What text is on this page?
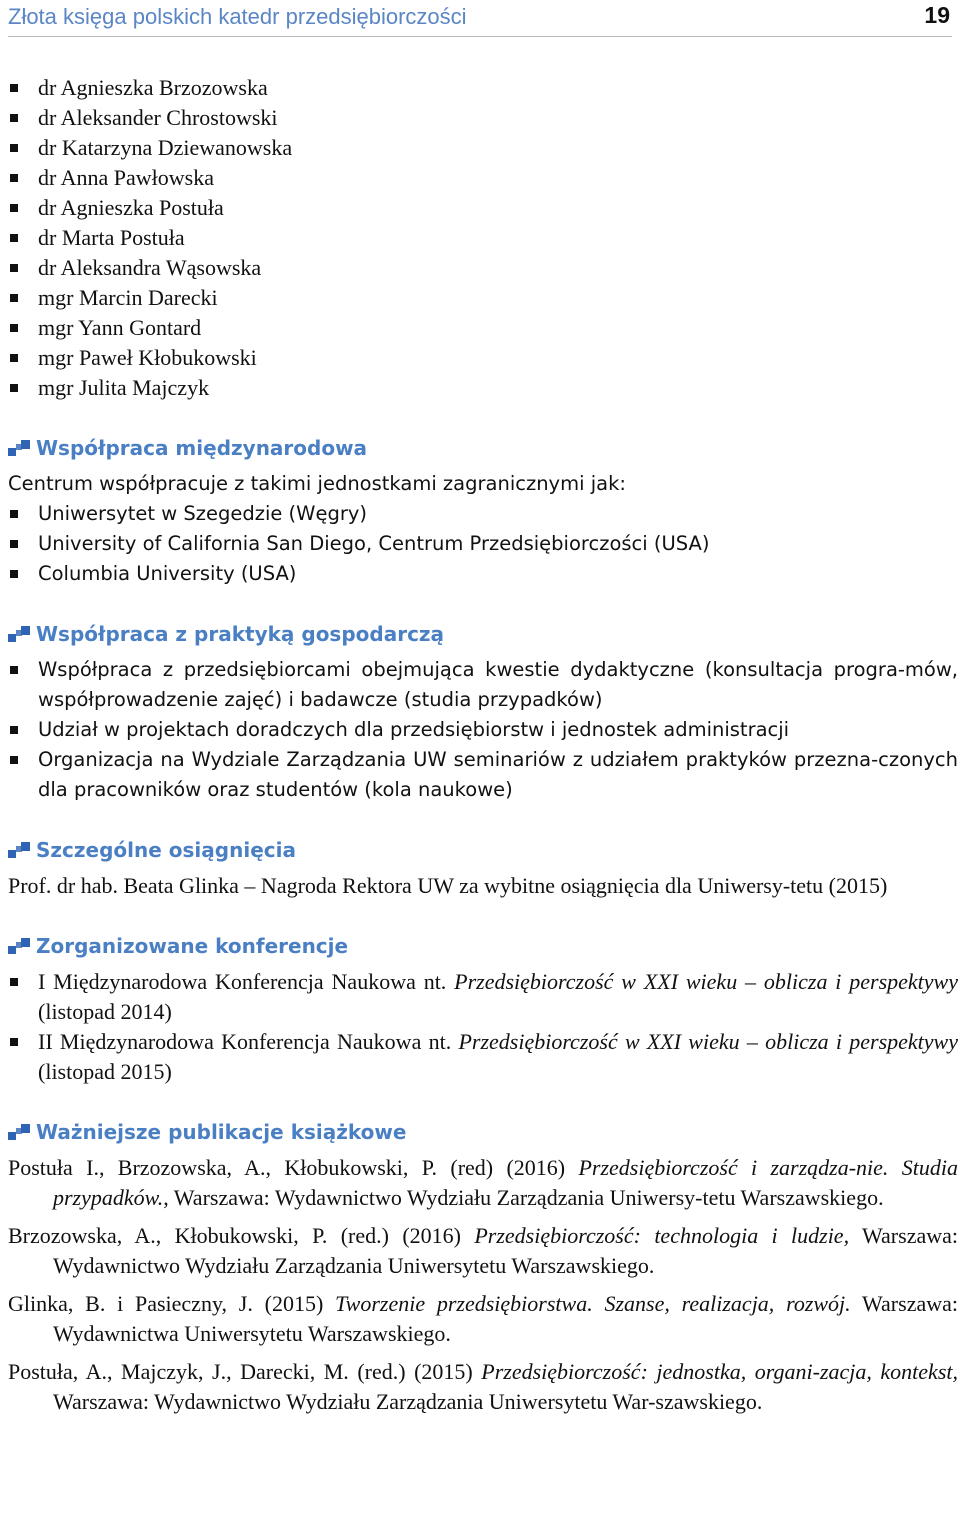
Złota księga polskich katedr przedsiębiorczości	19
dr Agnieszka Brzozowska
dr Aleksander Chrostowski
dr Katarzyna Dziewanowska
dr Anna Pawłowska
dr Agnieszka Postuła
dr Marta Postuła
dr Aleksandra Wąsowska
mgr Marcin Darecki
mgr Yann Gontard
mgr Paweł Kłobukowski
mgr Julita Majczyk
Współpraca międzynarodowa
Centrum współpracuje z takimi jednostkami zagranicznymi jak:
Uniwersytet w Szegedzie (Węgry)
University of California San Diego, Centrum Przedsiębiorczości (USA)
Columbia University (USA)
Współpraca z praktyką gospodarczą
Współpraca z przedsiębiorcami obejmująca kwestie dydaktyczne (konsultacja progra-mów, współprowadzenie zajęć) i badawcze (studia przypadków)
Udział w projektach doradczych dla przedsiębiorstw i jednostek administracji
Organizacja na Wydziale Zarządzania UW seminariów z udziałem praktyków przezna-czonych dla pracowników oraz studentów (kola naukowe)
Szczególne osiągnięcia
Prof. dr hab. Beata Glinka – Nagroda Rektora UW za wybitne osiągnięcia dla Uniwersy-tetu (2015)
Zorganizowane konferencje
I Międzynarodowa Konferencja Naukowa nt. Przedsiębiorczość w XXI wieku – oblicza i perspektywy (listopad 2014)
II Międzynarodowa Konferencja Naukowa nt. Przedsiębiorczość w XXI wieku – oblicza i perspektywy (listopad 2015)
Ważniejsze publikacje książkowe

Postuła I., Brzozowska, A., Kłobukowski, P. (red) (2016) Przedsiębiorczość i zarządza-nie. Studia przypadków., Warszawa: Wydawnictwo Wydziału Zarządzania Uniwersy-tetu Warszawskiego.

Brzozowska, A., Kłobukowski, P. (red.) (2016) Przedsiębiorczość: technologia i ludzie, Warszawa: Wydawnictwo Wydziału Zarządzania Uniwersytetu Warszawskiego.

Glinka, B. i Pasieczny, J. (2015) Tworzenie przedsiębiorstwa. Szanse, realizacja, rozwój. Warszawa: Wydawnictwa Uniwersytetu Warszawskiego.

Postuła, A., Majczyk, J., Darecki, M. (red.) (2015) Przedsiębiorczość: jednostka, organi-zacja, kontekst, Warszawa: Wydawnictwo Wydziału Zarządzania Uniwersytetu War-szawskiego.
